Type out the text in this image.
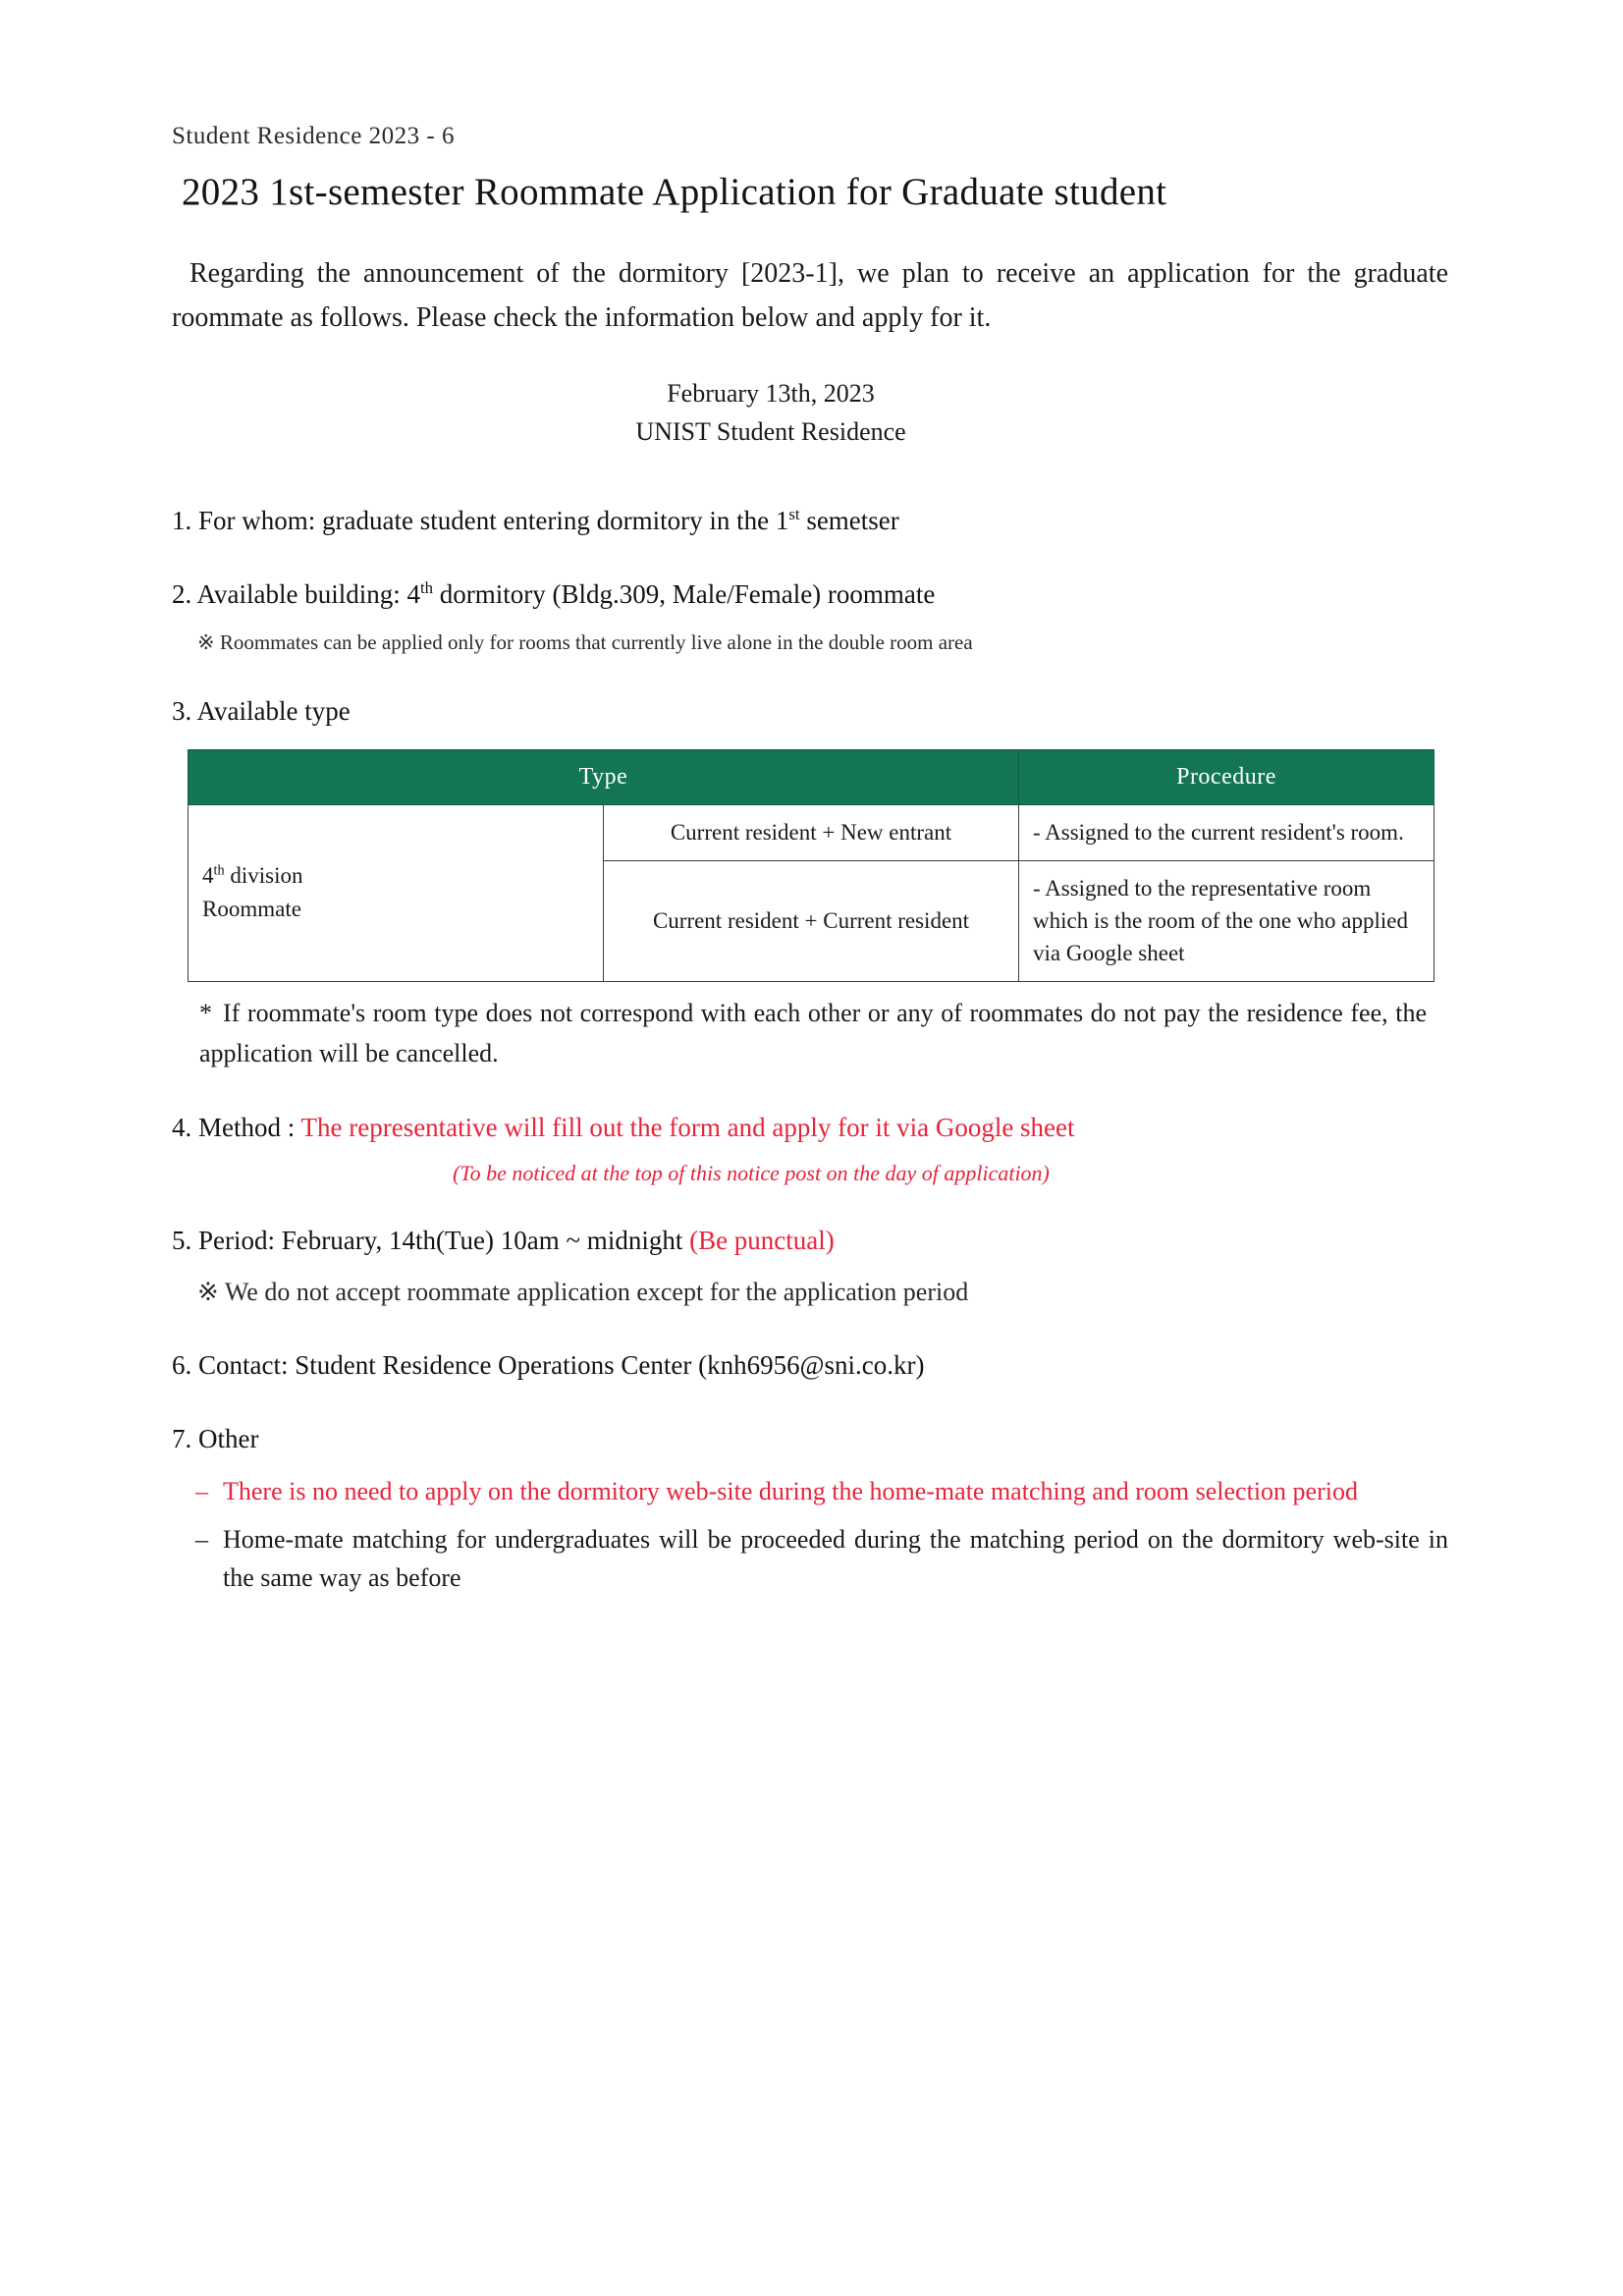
Student Residence 2023 - 6
2023 1st-semester Roommate Application for Graduate student

Regarding the announcement of the dormitory [2023-1], we plan to receive an application for the graduate roommate as follows. Please check the information below and apply for it.

February 13th, 2023
UNIST Student Residence
1. For whom: graduate student entering dormitory in the 1st semetser
2. Available building: 4th dormitory (Bldg.309, Male/Female) roommate
※ Roommates can be applied only for rooms that currently live alone in the double room area
3. Available type
Type		Procedure
4th division
Roommate	Current resident + New entrant	- Assigned to the current resident's room.
	Current resident + Current resident	- Assigned to the representative room which is the room of the one who applied via Google sheet
* If roommate's room type does not correspond with each other or any of roommates do not pay the residence fee, the application will be cancelled.
4. Method : The representative will fill out the form and apply for it via Google sheet
(To be noticed at the top of this notice post on the day of application)
5. Period: February, 14th(Tue) 10am ~ midnight (Be punctual)
※ We do not accept roommate application except for the application period
6. Contact: Student Residence Operations Center (knh6956@sni.co.kr)
7. Other
– There is no need to apply on the dormitory web-site during the home-mate matching and room selection period
– Home-mate matching for undergraduates will be proceeded during the matching period on the dormitory web-site in the same way as before
